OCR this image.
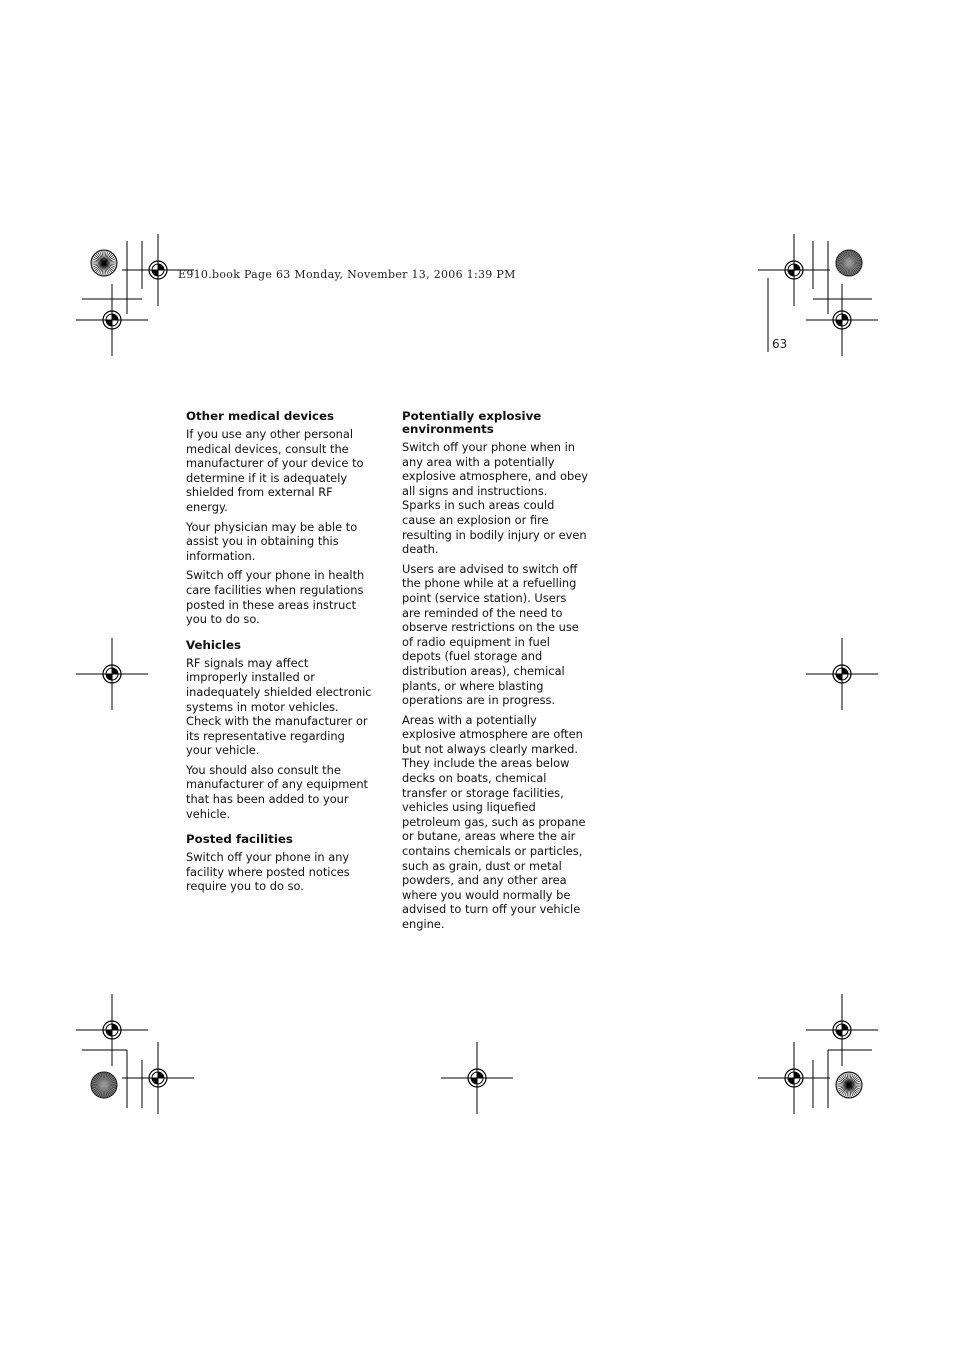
E910.book Page 63 Monday, November 13, 2006 1:39 PM
63
Other medical devices

If you use any other personal medical devices, consult the manufacturer of your device to determine if it is adequately shielded from external RF energy.

Your physician may be able to assist you in obtaining this information.

Switch off your phone in health care facilities when regulations posted in these areas instruct you to do so.

Vehicles

RF signals may affect improperly installed or inadequately shielded electronic systems in motor vehicles. Check with the manufacturer or its representative regarding your vehicle.

You should also consult the manufacturer of any equipment that has been added to your vehicle.

Posted facilities

Switch off your phone in any facility where posted notices require you to do so.

Potentially explosive environments

Switch off your phone when in any area with a potentially explosive atmosphere, and obey all signs and instructions. Sparks in such areas could cause an explosion or fire resulting in bodily injury or even death.

Users are advised to switch off the phone while at a refuelling point (service station). Users are reminded of the need to observe restrictions on the use of radio equipment in fuel depots (fuel storage and distribution areas), chemical plants, or where blasting operations are in progress.

Areas with a potentially explosive atmosphere are often but not always clearly marked. They include the areas below decks on boats, chemical transfer or storage facilities, vehicles using liquefied petroleum gas, such as propane or butane, areas where the air contains chemicals or particles, such as grain, dust or metal powders, and any other area where you would normally be advised to turn off your vehicle engine.
